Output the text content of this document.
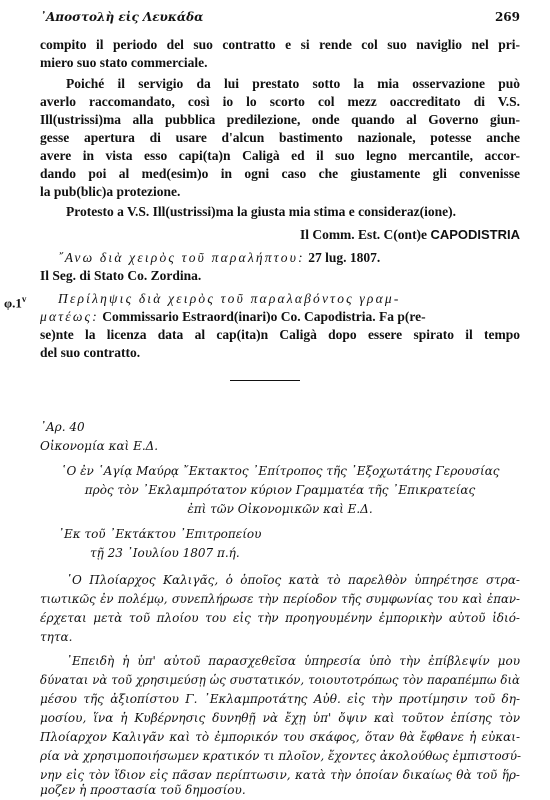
᾿Αποστολὴ εἰς Λευκάδα	269
compito il periodo del suo contratto e si rende col suo naviglio nel pri-
miero suo stato commerciale.
Poiché il servigio da lui prestato sotto la mia osservazione può
averlo raccomandato, così io lo scorto col mezz oaccreditato di V.S.
Ill(ustrissi)ma alla pubblica predilezione, onde quando al Governo giun-
gesse apertura di usare d'alcun bastimento nazionale, potesse anche
avere in vista esso capi(ta)n Caligà ed il suo legno mercantile, accor-
dando poi al med(esim)o in ogni caso che giustamente gli convenisse
la pub(blic)a protezione.
Protesto a V.S. Ill(ustrissi)ma la giusta mia stima e consideraz(ione).
Il Comm. Est. C(ont)e CAPODISTRIA
῎Ανω διὰ χειρὸς τοῦ παραλήπτου: 27 lug. 1807.
Il Seg. di Stato Co. Zordina.
φ.1$^v$ Περίληψις διὰ χειρὸς τοῦ παραλαβόντος γραμ-
ματέως: Commissario Estraord(inari)o Co. Capodistria. Fa p(re-
se)nte la licenza data al cap(ita)n Caligà dopo essere spirato il tempo
del suo contratto.
᾿Αρ. 40
Οἰκονομία καὶ Ε.Δ.
῾Ο ἐν ῾Αγίᾳ Μαύρᾳ ῎Εκτακτος ᾿Επίτροπος τῆς ᾿Εξοχωτάτης Γερουσίας
πρὸς τὸν ᾿Εκλαμπρότατον κύριον Γραμματέα τῆς ᾿Επικρατείας
ἐπὶ τῶν Οἰκονομικῶν καὶ Ε.Δ.
᾿Εκ τοῦ ᾿Εκτάκτου ᾿Επιτροπείου
τῇ 23 ᾿Ιουλίου 1807 π.ή.
῾Ο Πλοίαρχος Καλιγᾶς, ὁ ὁποῖος κατὰ τὸ παρελθὸν ὑπηρέτησε στρα-
τιωτικῶς ἐν πολέμῳ, συνεπλήρωσε τὴν περίοδον τῆς συμφωνίας του καὶ ἐπαν-
έρχεται μετὰ τοῦ πλοίου του εἰς τὴν προηγουμένην ἐμπορικὴν αὐτοῦ ἰδιό-
τητα.
᾿Επειδὴ ἡ ὑπ' αὐτοῦ παρασχεθεῖσα ὑπηρεσία ὑπὸ τὴν ἐπίβλεψίν μου
δύναται νὰ τοῦ χρησιμεύσῃ ὡς συστατικόν, τοιουτοτρόπως τὸν παραπέμπω διὰ
μέσου τῆς ἀξιοπίστου Γ. ᾿Εκλαμπροτάτης Αὐθ. εἰς τὴν προτίμησιν τοῦ δη-
μοσίου, ἵνα ἡ Κυβέρνησις δυνηθῇ νὰ ἔχῃ ὑπ' ὄψιν καὶ τοῦτον ἐπίσης τὸν
Πλοίαρχον Καλιγᾶν καὶ τὸ ἐμπορικόν του σκάφος, ὅταν θὰ ἔφθανε ἡ εὐκαι-
ρία νὰ χρησιμοποιήσωμεν κρατικόν τι πλοῖον, ἔχοντες ἀκολούθως ἐμπιστοσύ-
νην εἰς τὸν ἴδιον εἰς πᾶσαν περίπτωσιν, κατὰ τὴν ὁποίαν δικαίως θὰ τοῦ ἥρ-
μοζεν ἡ προστασία τοῦ δημοσίου.
